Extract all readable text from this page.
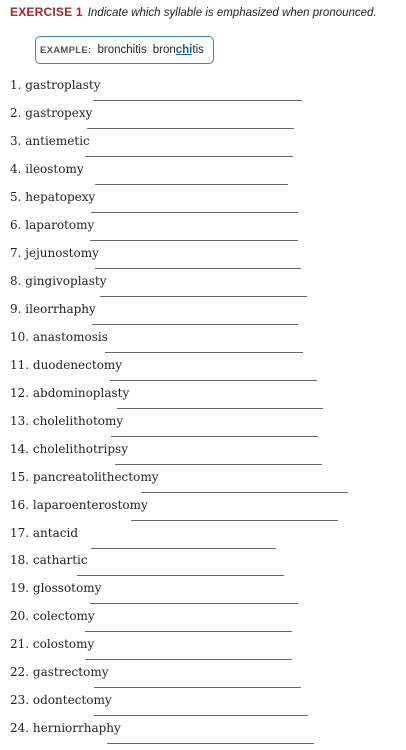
EXERCISE 1 Indicate which syllable is emphasized when pronounced.
EXAMPLE: bronchitis bronchitis
1. gastroplasty
2. gastropexy
3. antiemetic
4. ileostomy
5. hepatopexy
6. laparotomy
7. jejunostomy
8. gingivoplasty
9. ileorrhaphy
10. anastomosis
11. duodenectomy
12. abdominoplasty
13. cholelithotomy
14. cholelithotripsy
15. pancreatolithectomy
16. laparoenterostomy
17. antacid
18. cathartic
19. glossotomy
20. colectomy
21. colostomy
22. gastrectomy
23. odontectomy
24. herniorrhaphy
